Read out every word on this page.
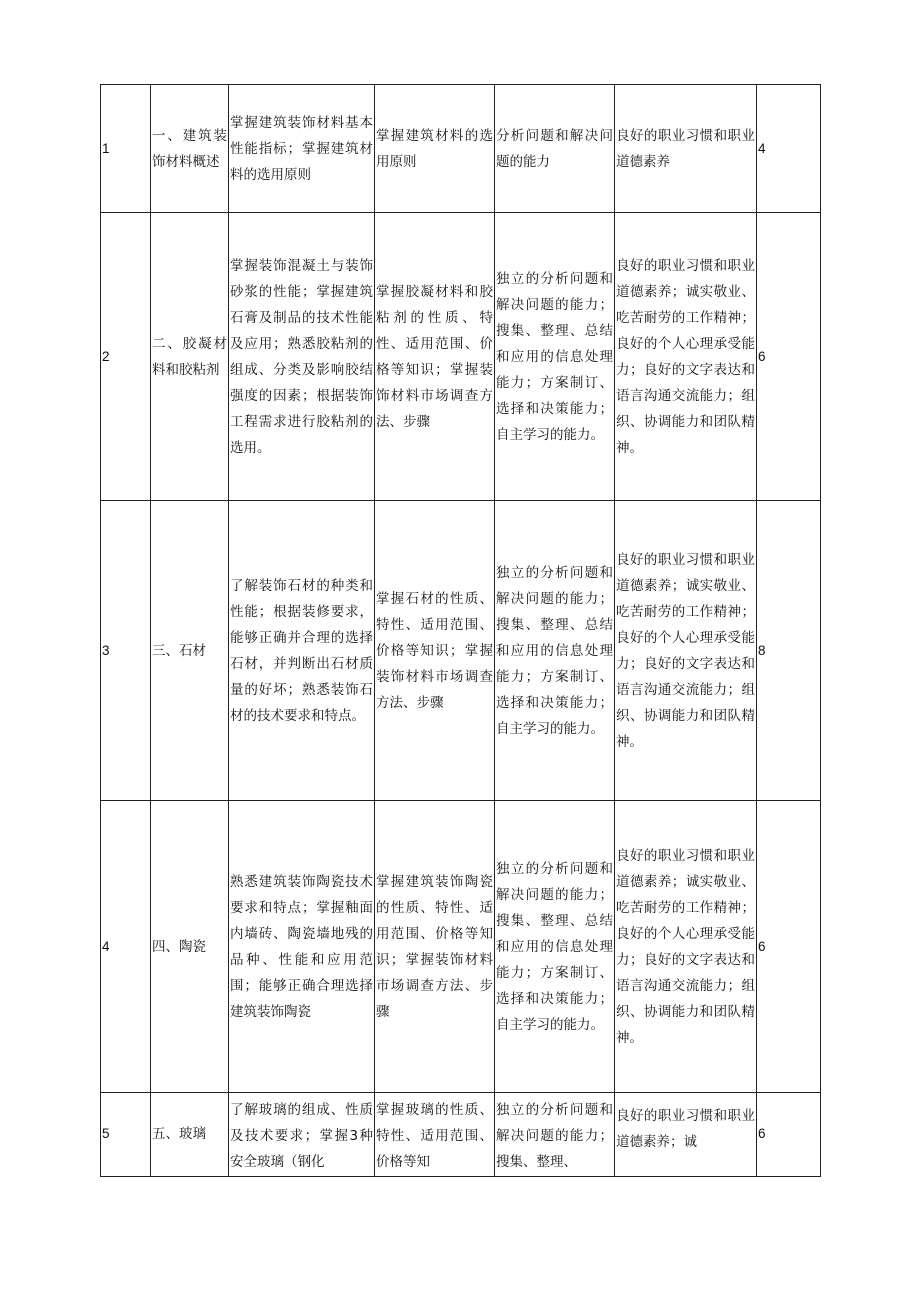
1	一、建筑装饰材料概述	掌握建筑装饰材料基本性能指标；掌握建筑材料的选用原则	掌握建筑材料的选用原则	分析问题和解决问题的能力	良好的职业习惯和职业道德素养	4
2	二、胶凝材料和胶粘剂	掌握装饰混凝土与装饰砂浆的性能；掌握建筑石膏及制品的技术性能及应用；熟悉胶粘剂的组成、分类及影响胶结强度的因素；根据装饰工程需求进行胶粘剂的选用。	掌握胶凝材料和胶粘剂的性质、特性、适用范围、价格等知识；掌握装饰材料市场调查方法、步骤	独立的分析问题和解决问题的能力；搜集、整理、总结和应用的信息处理能力；方案制订、选择和决策能力；自主学习的能力。	良好的职业习惯和职业道德素养；诚实敬业、吃苦耐劳的工作精神；良好的个人心理承受能力；良好的文字表达和语言沟通交流能力；组织、协调能力和团队精神。	6
3	三、石材	了解装饰石材的种类和性能；根据装修要求，能够正确并合理的选择石材，并判断出石材质量的好坏；熟悉装饰石材的技术要求和特点。	掌握石材的性质、特性、适用范围、价格等知识；掌握装饰材料市场调查方法、步骤	独立的分析问题和解决问题的能力；搜集、整理、总结和应用的信息处理能力；方案制订、选择和决策能力；自主学习的能力。	良好的职业习惯和职业道德素养；诚实敬业、吃苦耐劳的工作精神；良好的个人心理承受能力；良好的文字表达和语言沟通交流能力；组织、协调能力和团队精神。	8
4	四、陶瓷	熟悉建筑装饰陶瓷技术要求和特点；掌握釉面内墙砖、陶瓷墙地残的品种、性能和应用范围；能够正确合理选择建筑装饰陶瓷	掌握建筑装饰陶瓷的性质、特性、适用范围、价格等知识；掌握装饰材料市场调查方法、步骤	独立的分析问题和解决问题的能力；搜集、整理、总结和应用的信息处理能力；方案制订、选择和决策能力；自主学习的能力。	良好的职业习惯和职业道德素养；诚实敬业、吃苦耐劳的工作精神；良好的个人心理承受能力；良好的文字表达和语言沟通交流能力；组织、协调能力和团队精神。	6
5	五、玻璃	了解玻璃的组成、性质及技术要求；掌握3种安全玻璃（钢化	掌握玻璃的性质、特性、适用范围、价格等知	独立的分析问题和解决问题的能力；搜集、整理、	良好的职业习惯和职业道德素养；诚	6
